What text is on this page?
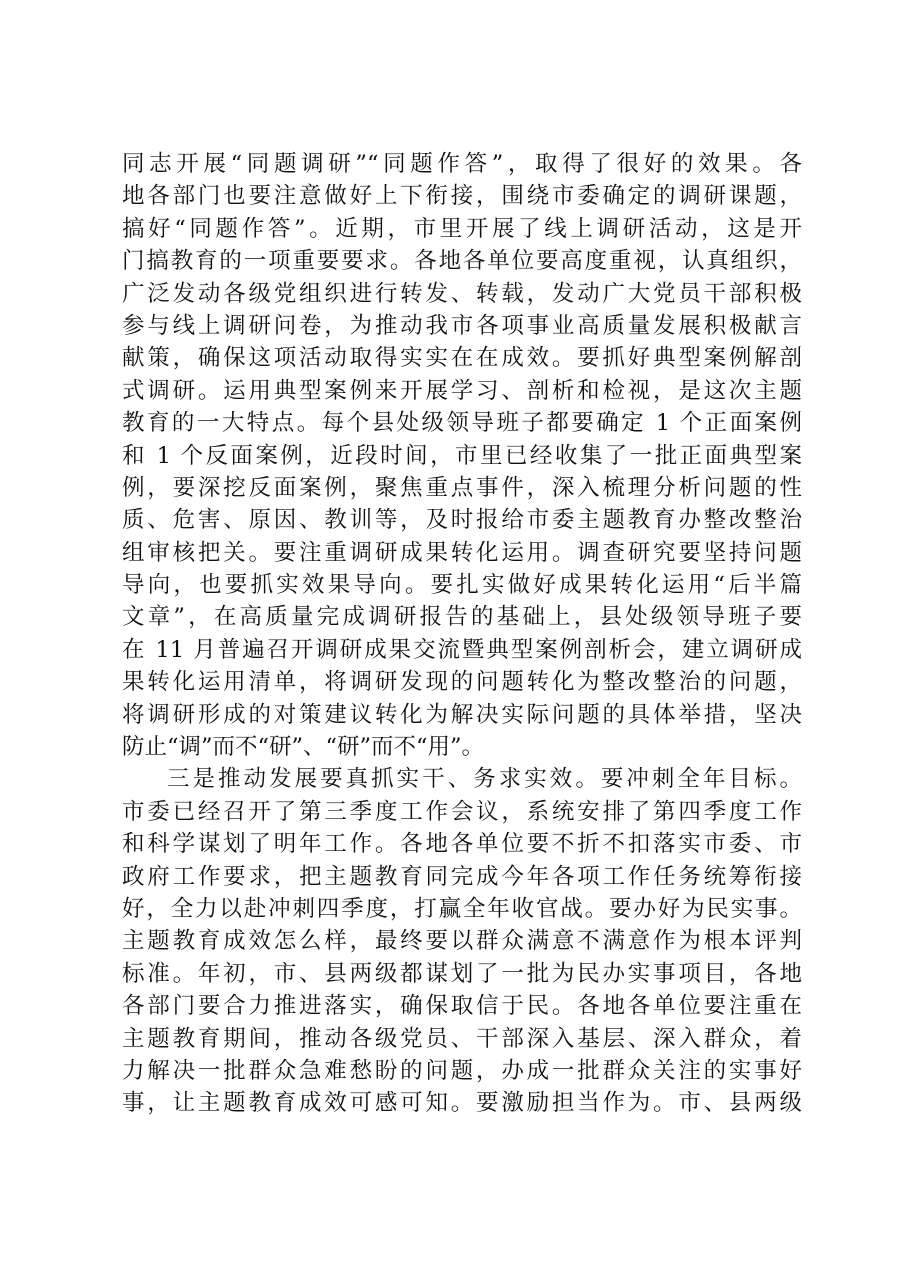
同志开展“同题调研”“同题作答”，取得了很好的效果。各
地各部门也要注意做好上下衔接，围绕市委确定的调研课题，
搞好“同题作答”。近期，市里开展了线上调研活动，这是开
门搞教育的一项重要要求。各地各单位要高度重视，认真组织，
广泛发动各级党组织进行转发、转载，发动广大党员干部积极
参与线上调研问卷，为推动我市各项事业高质量发展积极献言
献策，确保这项活动取得实实在在成效。要抓好典型案例解剖
式调研。运用典型案例来开展学习、剖析和检视，是这次主题
教育的一大特点。每个县处级领导班子都要确定 1 个正面案例
和 1 个反面案例，近段时间，市里已经收集了一批正面典型案
例，要深挖反面案例，聚焦重点事件，深入梳理分析问题的性
质、危害、原因、教训等，及时报给市委主题教育办整改整治
组审核把关。要注重调研成果转化运用。调查研究要坚持问题
导向，也要抓实效果导向。要扎实做好成果转化运用“后半篇
文章”，在高质量完成调研报告的基础上，县处级领导班子要
在 11 月普遍召开调研成果交流暨典型案例剖析会，建立调研成
果转化运用清单，将调研发现的问题转化为整改整治的问题，
将调研形成的对策建议转化为解决实际问题的具体举措，坚决
防止“调”而不“研”、“研”而不“用”。
三是推动发展要真抓实干、务求实效。要冲刺全年目标。
市委已经召开了第三季度工作会议，系统安排了第四季度工作
和科学谋划了明年工作。各地各单位要不折不扣落实市委、市
政府工作要求，把主题教育同完成今年各项工作任务统筹衔接
好，全力以赴冲刺四季度，打赢全年收官战。要办好为民实事。
主题教育成效怎么样，最终要以群众满意不满意作为根本评判
标准。年初，市、县两级都谋划了一批为民办实事项目，各地
各部门要合力推进落实，确保取信于民。各地各单位要注重在
主题教育期间，推动各级党员、干部深入基层、深入群众，着
力解决一批群众急难愁盼的问题，办成一批群众关注的实事好
事，让主题教育成效可感可知。要激励担当作为。市、县两级
